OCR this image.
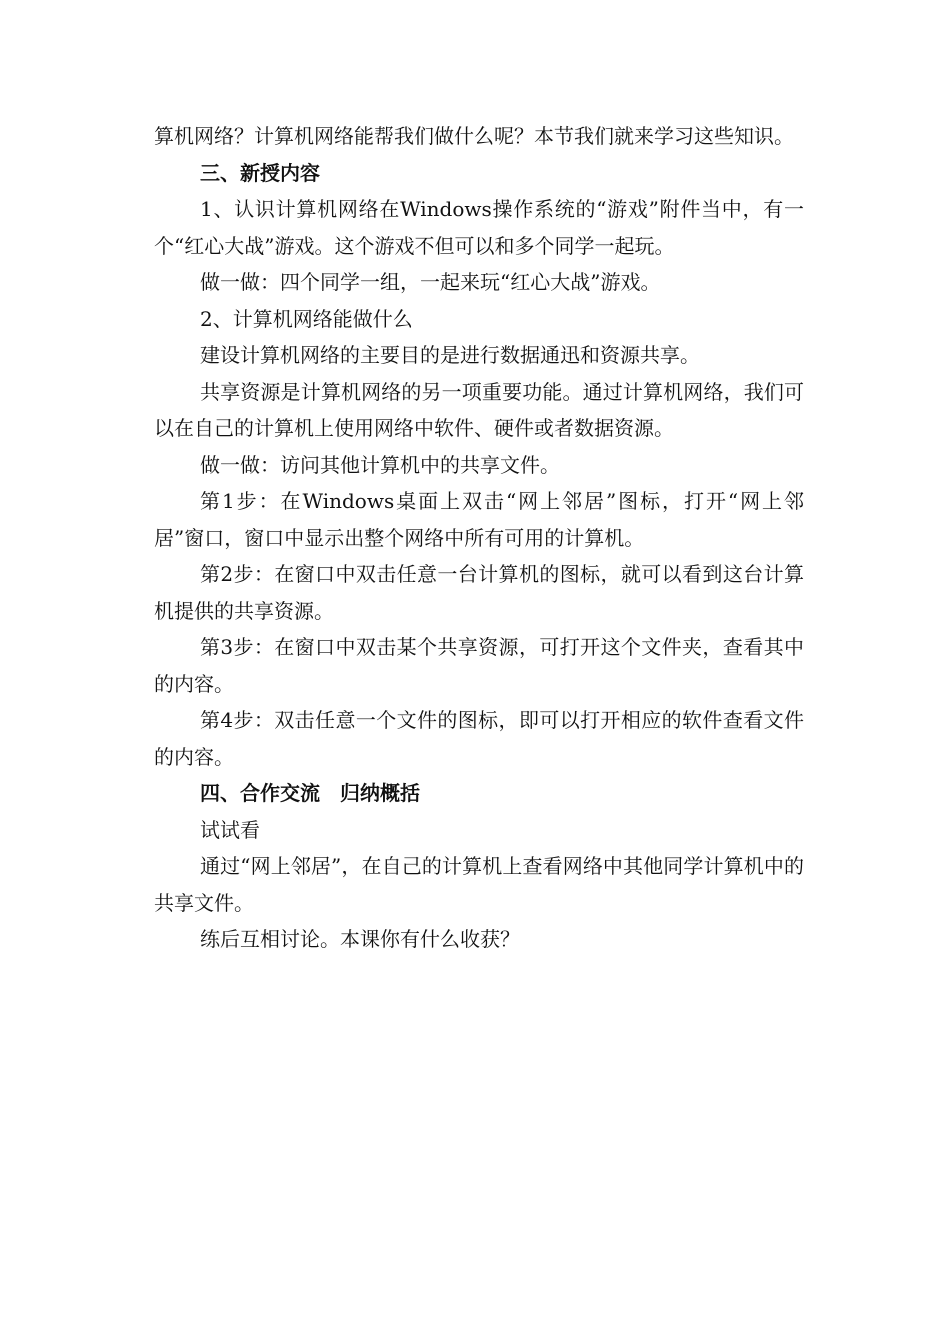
算机网络？计算机网络能帮我们做什么呢？本节我们就来学习这些知识。

三、新授内容

1、认识计算机网络在Windows操作系统的“游戏”附件当中，有一个“红心大战”游戏。这个游戏不但可以和多个同学一起玩。

做一做：四个同学一组，一起来玩“红心大战”游戏。

2、计算机网络能做什么

建设计算机网络的主要目的是进行数据通迅和资源共享。

共享资源是计算机网络的另一项重要功能。通过计算机网络，我们可以在自己的计算机上使用网络中软件、硬件或者数据资源。

做一做：访问其他计算机中的共享文件。

第1步：在Windows桌面上双击“网上邻居”图标，打开“网上邻居”窗口，窗口中显示出整个网络中所有可用的计算机。

第2步：在窗口中双击任意一台计算机的图标，就可以看到这台计算机提供的共享资源。

第3步：在窗口中双击某个共享资源，可打开这个文件夹，查看其中的内容。

第4步：双击任意一个文件的图标，即可以打开相应的软件查看文件的内容。

四、合作交流　归纳概括

试试看

通过“网上邻居”，在自己的计算机上查看网络中其他同学计算机中的共享文件。

练后互相讨论。本课你有什么收获？
